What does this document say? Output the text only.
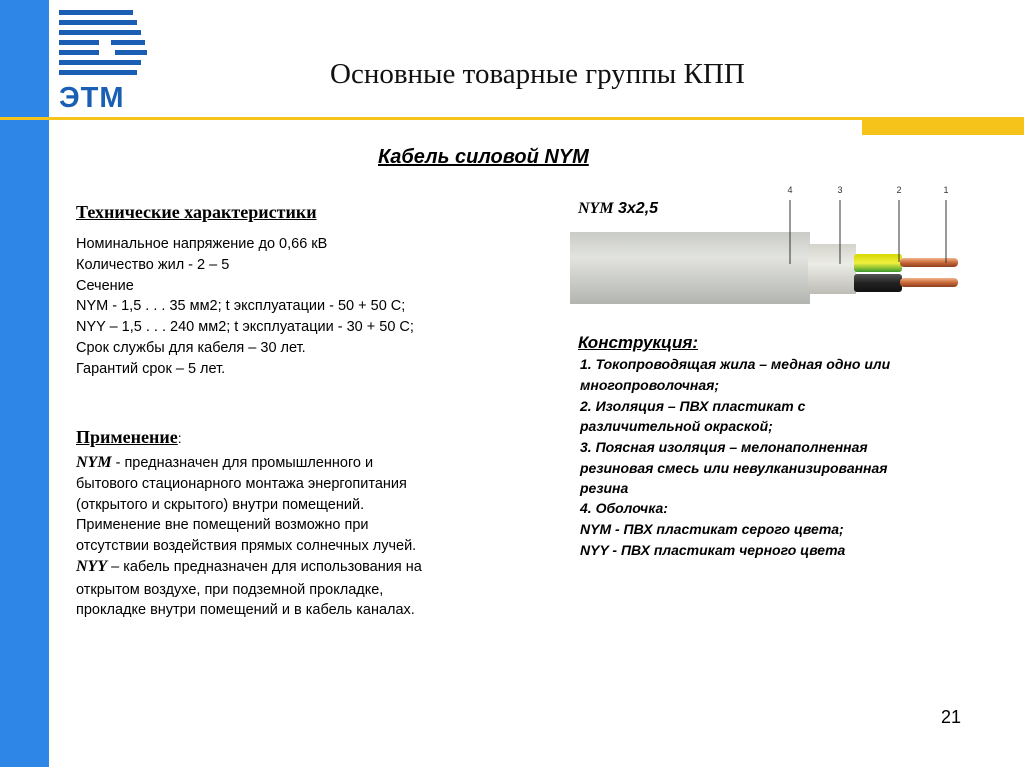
ЭТМ
Основные товарные группы КПП
Кабель силовой NYM
Технические характеристики
Номинальное напряжение до 0,66 кВ
Количество жил - 2 – 5
Сечение
NYM - 1,5 . . . 35 мм2; t эксплуатации - 50 + 50 С;
NYY – 1,5 . . . 240 мм2; t эксплуатации - 30 + 50 С;
Срок службы для кабеля – 30 лет.
Гарантий срок – 5 лет.
Применение:
NYM - предназначен для промышленного и
бытового стационарного монтажа энергопитания
(открытого и скрытого) внутри помещений.
Применение вне помещений возможно при
отсутствии воздействия прямых солнечных лучей.
NYY – кабель предназначен для использования на
открытом воздухе, при подземной прокладке,
прокладке внутри помещений и в кабель каналах.
NYM 3х2,5
4	3	2	1
Конструкция:
1. Токопроводящая жила – медная одно или
многопроволочная;
2. Изоляция – ПВХ пластикат с
различительной окраской;
3. Поясная изоляция – мелонаполненная
резиновая смесь или невулканизированная
резина
4. Оболочка:
NYM - ПВХ пластикат серого цвета;
NYY - ПВХ пластикат черного цвета
21
